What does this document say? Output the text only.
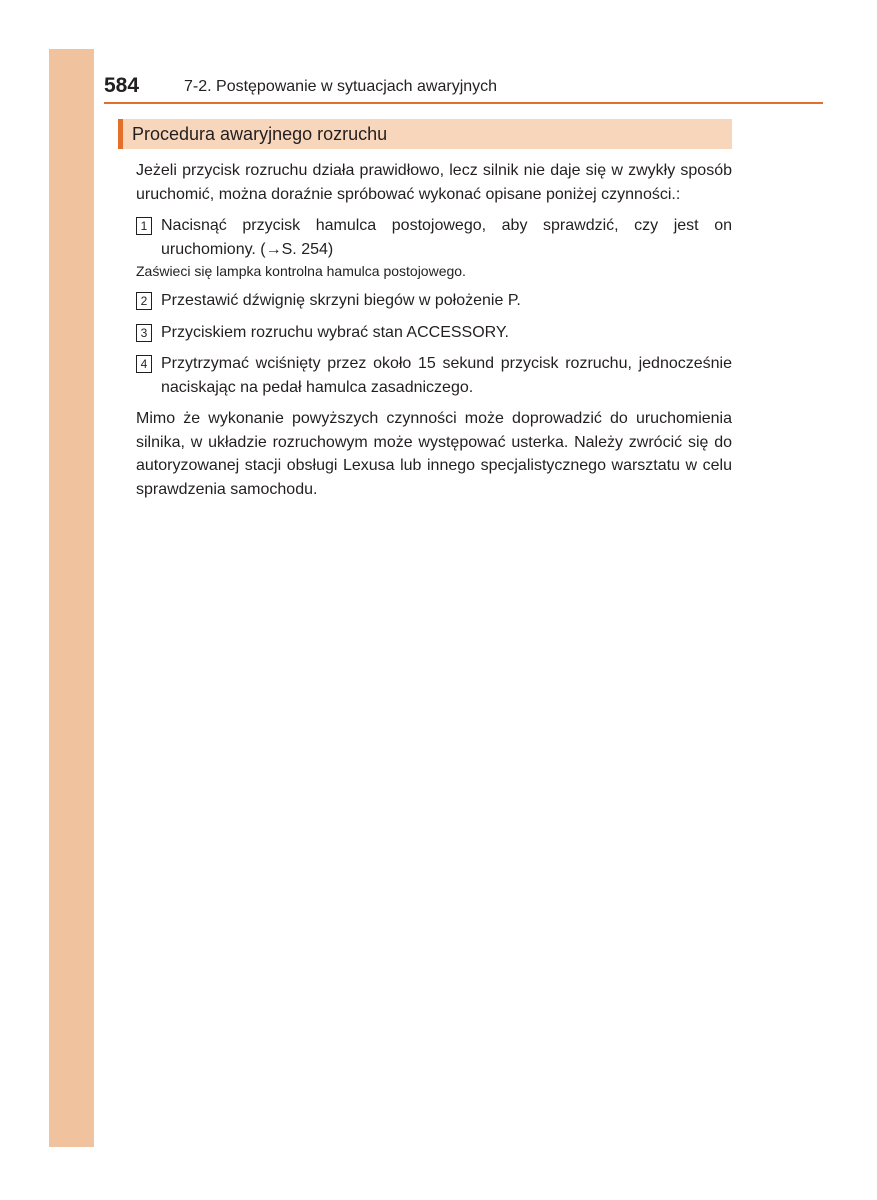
584	7-2. Postępowanie w sytuacjach awaryjnych
Procedura awaryjnego rozruchu

Jeżeli przycisk rozruchu działa prawidłowo, lecz silnik nie daje się w zwykły sposób uruchomić, można doraźnie spróbować wykonać opisane poniżej czynności.:

1 Nacisnąć przycisk hamulca postojowego, aby sprawdzić, czy jest on uruchomiony. (→S. 254)

Zaświeci się lampka kontrolna hamulca postojowego.

2 Przestawić dźwignię skrzyni biegów w położenie P.
3 Przyciskiem rozruchu wybrać stan ACCESSORY.
4 Przytrzymać wciśnięty przez około 15 sekund przycisk rozruchu, jednocześnie naciskając na pedał hamulca zasadniczego.

Mimo że wykonanie powyższych czynności może doprowadzić do uruchomienia silnika, w układzie rozruchowym może występować usterka. Należy zwrócić się do autoryzowanej stacji obsługi Lexusa lub innego specjalistycznego warsztatu w celu sprawdzenia samochodu.
